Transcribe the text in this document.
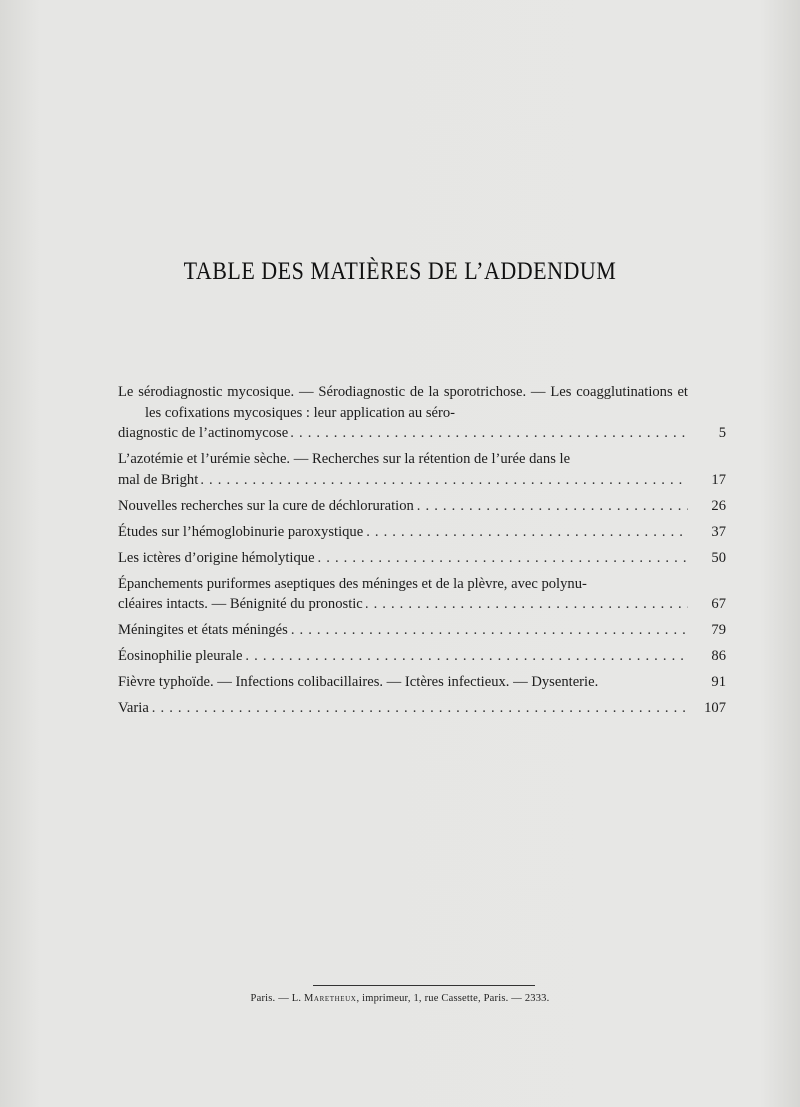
TABLE DES MATIÈRES DE L’ADDENDUM
Le sérodiagnostic mycosique. — Sérodiagnostic de la sporotrichose. — Les coagglutinations et les cofixations mycosiques : leur application au séro-
diagnostic de l’actinomycose . . .	5
L’azotémie et l’urémie sèche. — Recherches sur la rétention de l’urée dans le
mal de Bright . . .	17
Nouvelles recherches sur la cure de déchloruration . . .	26
Études sur l’hémoglobinurie paroxystique . . .	37
Les ictères d’origine hémolytique . . .	50
Épanchements puriformes aseptiques des méninges et de la plèvre, avec polynu-
cléaires intacts. — Bénignité du pronostic . . .	67
Méningites et états méningés . . .	79
Éosinophilie pleurale . . .	86
Fièvre typhoïde. — Infections colibacillaires. — Ictères infectieux. — Dysenterie.	91
Varia . . .	107
Paris. — L. Maretheux, imprimeur, 1, rue Cassette, Paris. — 2333.
